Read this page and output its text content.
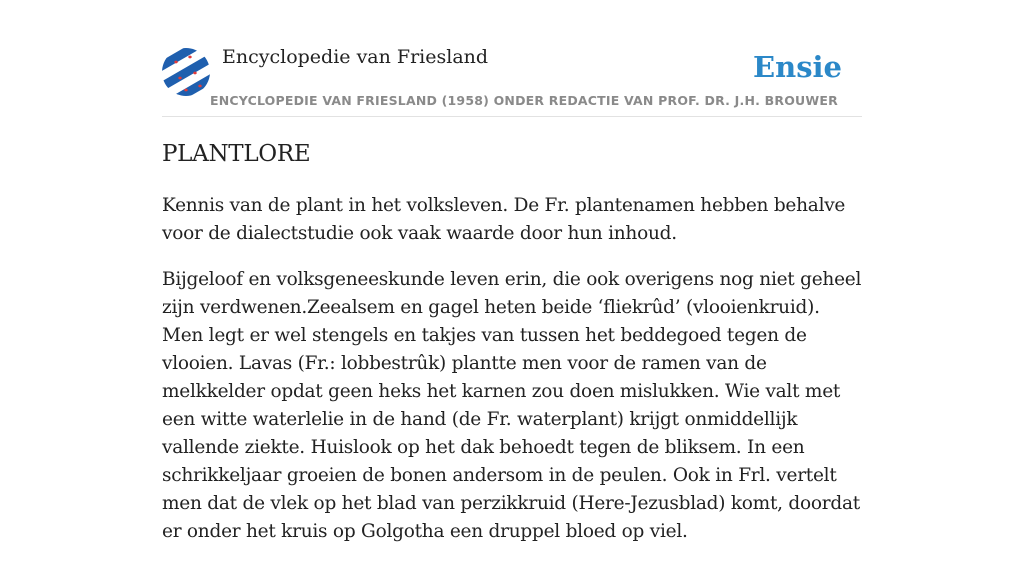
Encyclopedie van Friesland
ENCYCLOPEDIE VAN FRIESLAND (1958) ONDER REDACTIE VAN PROF. DR. J.H. BROUWER
Ensie
PLANTLORE

Kennis van de plant in het volksleven. De Fr. plantenamen hebben behalve voor de dialectstudie ook vaak waarde door hun inhoud.

Bijgeloof en volksgeneeskunde leven erin, die ook overigens nog niet geheel zijn verdwenen.Zeealsem en gagel heten beide ‘fliekrûd’ (vlooienkruid). Men legt er wel stengels en takjes van tussen het beddegoed tegen de vlooien. Lavas (Fr.: lobbestrûk) plantte men voor de ramen van de melkkelder opdat geen heks het karnen zou doen mislukken. Wie valt met een witte waterlelie in de hand (de Fr. waterplant) krijgt onmiddellijk vallende ziekte. Huislook op het dak behoedt tegen de bliksem. In een schrikkeljaar groeien de bonen andersom in de peulen. Ook in Frl. vertelt men dat de vlek op het blad van perzikkruid (Here-Jezusblad) komt, doordat er onder het kruis op Golgotha een druppel bloed op viel.
